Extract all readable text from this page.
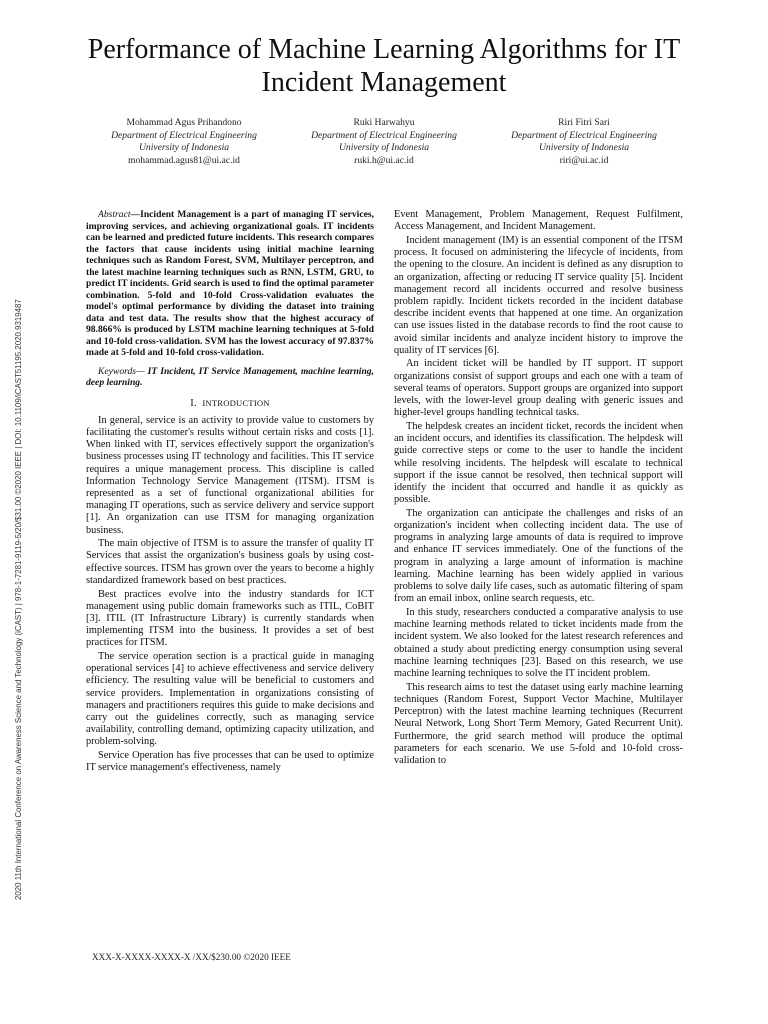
Performance of Machine Learning Algorithms for IT Incident Management
Mohammad Agus Prihandono
Department of Electrical Engineering
University of Indonesia
mohammad.agus81@ui.ac.id
Ruki Harwahyu
Department of Electrical Engineering
University of Indonesia
ruki.h@ui.ac.id
Riri Fitri Sari
Department of Electrical Engineering
University of Indonesia
riri@ui.ac.id
2020 11th International Conference on Awareness Science and Technology (iCAST) | 978-1-7281-9119-5/20/$31.00 ©2020 IEEE | DOI: 10.1109/iCAST51195.2020.9319487

Abstract—Incident Management is a part of managing IT services, improving services, and achieving organizational goals. IT incidents can be learned and predicted future incidents. This research compares the factors that cause incidents using initial machine learning techniques such as Random Forest, SVM, Multilayer perceptron, and the latest machine learning techniques such as RNN, LSTM, GRU, to predict IT incidents. Grid search is used to find the optimal parameter combination. 5-fold and 10-fold Cross-validation evaluates the model's optimal performance by dividing the dataset into training data and test data. The results show that the highest accuracy of 98.866% is produced by LSTM machine learning techniques at 5-fold and 10-fold cross-validation. SVM has the lowest accuracy of 97.837% made at 5-fold and 10-fold cross-validation.

Keywords— IT Incident, IT Service Management, machine learning, deep learning.

I. INTRODUCTION

In general, service is an activity to provide value to customers by facilitating the customer's results without certain risks and costs [1]. When linked with IT, services effectively support the organization's business processes using IT technology and facilities. This IT service requires a unique management process. This discipline is called Information Technology Service Management (ITSM). ITSM is represented as a set of functional organizational abilities for managing IT operations, such as service delivery and service support [1]. An organization can use ITSM for managing organization business.

The main objective of ITSM is to assure the transfer of quality IT Services that assist the organization's business goals by using cost-effective sources. ITSM has grown over the years to become a highly standardized framework based on best practices.

Best practices evolve into the industry standards for ICT management using public domain frameworks such as ITIL, CoBIT [3]. ITIL (IT Infrastructure Library) is currently standards when implementing ITSM into the business. It provides a set of best practices for ITSM.

The service operation section is a practical guide in managing operational services [4] to achieve effectiveness and service delivery efficiency. The resulting value will be beneficial to customers and service providers. Implementation in organizations consisting of managers and practitioners requires this guide to make decisions and carry out the guidelines correctly, such as managing service availability, controlling demand, optimizing capacity utilization, and problem-solving.

Service Operation has five processes that can be used to optimize IT service management's effectiveness, namely

Event Management, Problem Management, Request Fulfilment, Access Management, and Incident Management.

Incident management (IM) is an essential component of the ITSM process. It focused on administering the lifecycle of incidents, from the opening to the closure. An incident is defined as any disruption to an organization, affecting or reducing IT service quality [5]. Incident management record all incidents occurred and resolve business problem rapidly. Incident tickets recorded in the incident database describe incident events that happened at one time. An organization can use issues listed in the database records to find the root cause to avoid similar incidents and analyze incident history to improve the quality of IT services [6].

An incident ticket will be handled by IT support. IT support organizations consist of support groups and each one with a team of several teams of operators. Support groups are organized into support levels, with the lower-level group dealing with generic issues and higher-level groups handling technical tasks.

The helpdesk creates an incident ticket, records the incident when an incident occurs, and identifies its classification. The helpdesk will guide corrective steps or come to the user to handle the incident while resolving incidents. The helpdesk will escalate to technical support if the issue cannot be resolved, then technical support will identify the incident that occurred and handle it as quickly as possible.

The organization can anticipate the challenges and risks of an organization's incident when collecting incident data. The use of programs in analyzing large amounts of data is required to improve and enhance IT services immediately. One of the functions of the program in analyzing a large amount of information is machine learning. Machine learning has been widely applied in various problems to solve daily life cases, such as automatic filtering of spam from an email inbox, online search requests, etc.

In this study, researchers conducted a comparative analysis to use machine learning methods related to ticket incidents made from the incident system. We also looked for the latest research references and obtained a study about predicting energy consumption using several machine learning techniques [23]. Based on this research, we use machine learning techniques to solve the IT incident problem.

This research aims to test the dataset using early machine learning techniques (Random Forest, Support Vector Machine, Multilayer Perceptron) with the latest machine learning techniques (Recurrent Neural Network, Long Short Term Memory, Gated Recurrent Unit). Furthermore, the grid search method will produce the optimal parameters for each scenario. We use 5-fold and 10-fold cross-validation to

XXX-X-XXXX-XXXX-X /XX/$230.00 ©2020 IEEE
